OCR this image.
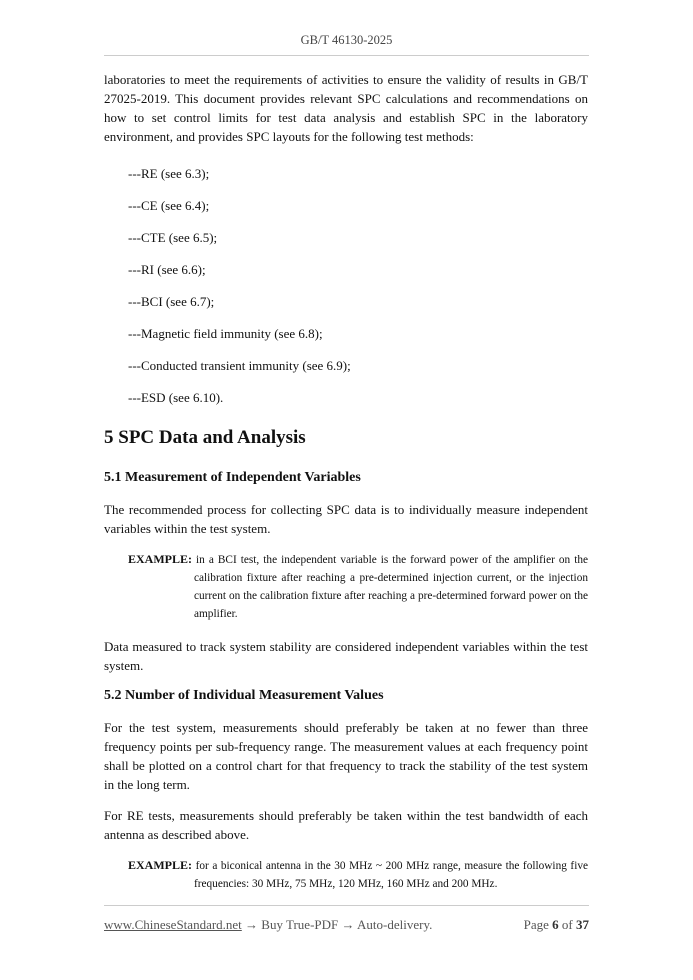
GB/T 46130-2025
laboratories to meet the requirements of activities to ensure the validity of results in GB/T 27025-2019. This document provides relevant SPC calculations and recommendations on how to set control limits for test data analysis and establish SPC in the laboratory environment, and provides SPC layouts for the following test methods:
---RE (see 6.3);
---CE (see 6.4);
---CTE (see 6.5);
---RI (see 6.6);
---BCI (see 6.7);
---Magnetic field immunity (see 6.8);
---Conducted transient immunity (see 6.9);
---ESD (see 6.10).
5 SPC Data and Analysis
5.1 Measurement of Independent Variables
The recommended process for collecting SPC data is to individually measure independent variables within the test system.
EXAMPLE: in a BCI test, the independent variable is the forward power of the amplifier on the calibration fixture after reaching a pre-determined injection current, or the injection current on the calibration fixture after reaching a pre-determined forward power on the amplifier.
Data measured to track system stability are considered independent variables within the test system.
5.2 Number of Individual Measurement Values
For the test system, measurements should preferably be taken at no fewer than three frequency points per sub-frequency range. The measurement values at each frequency point shall be plotted on a control chart for that frequency to track the stability of the test system in the long term.
For RE tests, measurements should preferably be taken within the test bandwidth of each antenna as described above.
EXAMPLE: for a biconical antenna in the 30 MHz ~ 200 MHz range, measure the following five frequencies: 30 MHz, 75 MHz, 120 MHz, 160 MHz and 200 MHz.
www.ChineseStandard.net → Buy True-PDF → Auto-delivery.	Page 6 of 37
